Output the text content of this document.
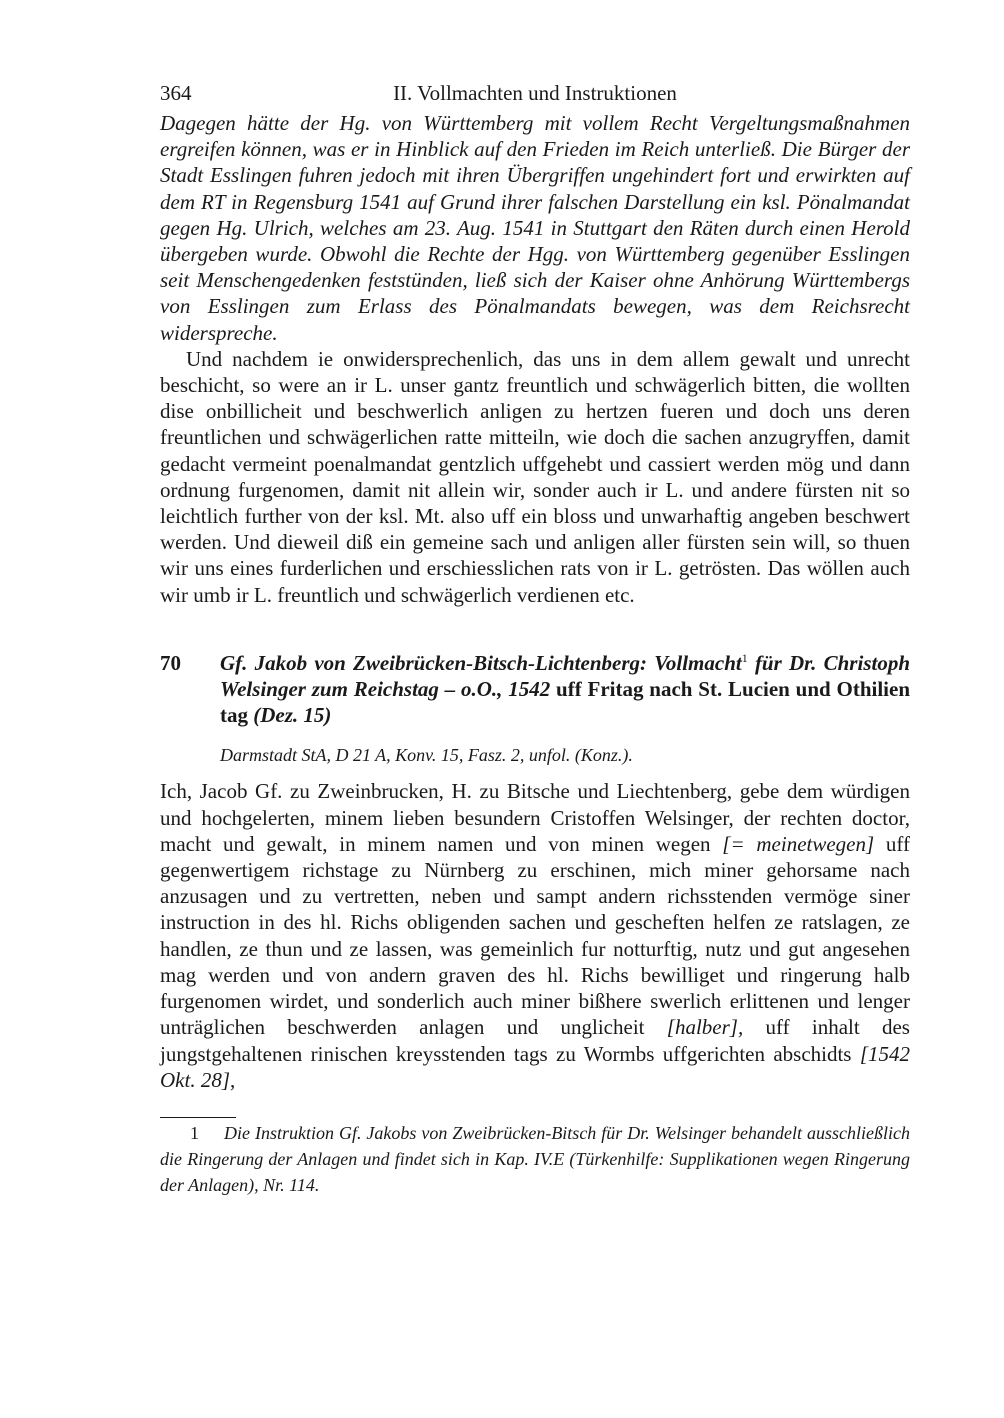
364	II. Vollmachten und Instruktionen

Dagegen hätte der Hg. von Württemberg mit vollem Recht Vergeltungsmaßnahmen ergreifen können, was er in Hinblick auf den Frieden im Reich unterließ. Die Bürger der Stadt Esslingen fuhren jedoch mit ihren Übergriffen ungehindert fort und erwirkten auf dem RT in Regensburg 1541 auf Grund ihrer falschen Darstellung ein ksl. Pönalmandat gegen Hg. Ulrich, welches am 23. Aug. 1541 in Stuttgart den Räten durch einen Herold übergeben wurde. Obwohl die Rechte der Hgg. von Württemberg gegenüber Esslingen seit Menschengedenken feststünden, ließ sich der Kaiser ohne Anhörung Württembergs von Esslingen zum Erlass des Pönalmandats bewegen, was dem Reichsrecht widerspreche.

Und nachdem ie onwidersprechenlich, das uns in dem allem gewalt und unrecht beschicht, so were an ir L. unser gantz freuntlich und schwägerlich bitten, die wollten dise onbillicheit und beschwerlich anligen zu hertzen fueren und doch uns deren freuntlichen und schwägerlichen ratte mitteiln, wie doch die sachen anzugryffen, damit gedacht vermeint poenalmandat gentzlich uffgehebt und cassiert werden mög und dann ordnung furgenomen, damit nit allein wir, sonder auch ir L. und andere fürsten nit so leichtlich further von der ksl. Mt. also uff ein bloss und unwarhaftig angeben beschwert werden. Und dieweil diß ein gemeine sach und anligen aller fürsten sein will, so thuen wir uns eines furderlichen und erschiesslichen rats von ir L. getrösten. Das wöllen auch wir umb ir L. freuntlich und schwägerlich verdienen etc.

70 Gf. Jakob von Zweibrücken-Bitsch-Lichtenberg: Vollmacht$^1$ für Dr. Christoph Welsinger zum Reichstag – o.O., 1542 uff Fritag nach St. Lucien und Othilien tag (Dez. 15)
Darmstadt StA, D 21 A, Konv. 15, Fasz. 2, unfol. (Konz.).

Ich, Jacob Gf. zu Zweinbrucken, H. zu Bitsche und Liechtenberg, gebe dem würdigen und hochgelerten, minem lieben besundern Cristoffen Welsinger, der rechten doctor, macht und gewalt, in minem namen und von minen wegen [= meinetwegen] uff gegenwertigem richstage zu Nürnberg zu erschinen, mich miner gehorsame nach anzusagen und zu vertretten, neben und sampt andern richsstenden vermöge siner instruction in des hl. Richs obligenden sachen und gescheften helfen ze ratslagen, ze handlen, ze thun und ze lassen, was gemeinlich fur notturftig, nutz und gut angesehen mag werden und von andern graven des hl. Richs bewilliget und ringerung halb furgenomen wirdet, und sonderlich auch miner bißhere swerlich erlittenen und lenger unträglichen beschwerden anlagen und unglicheit [halber], uff inhalt des jungstgehaltenen rinischen kreysstenden tags zu Wormbs uffgerichten abschidts [1542 Okt. 28],

1 Die Instruktion Gf. Jakobs von Zweibrücken-Bitsch für Dr. Welsinger behandelt ausschließlich die Ringerung der Anlagen und findet sich in Kap. IV.E (Türkenhilfe: Supplikationen wegen Ringerung der Anlagen), Nr. 114.
